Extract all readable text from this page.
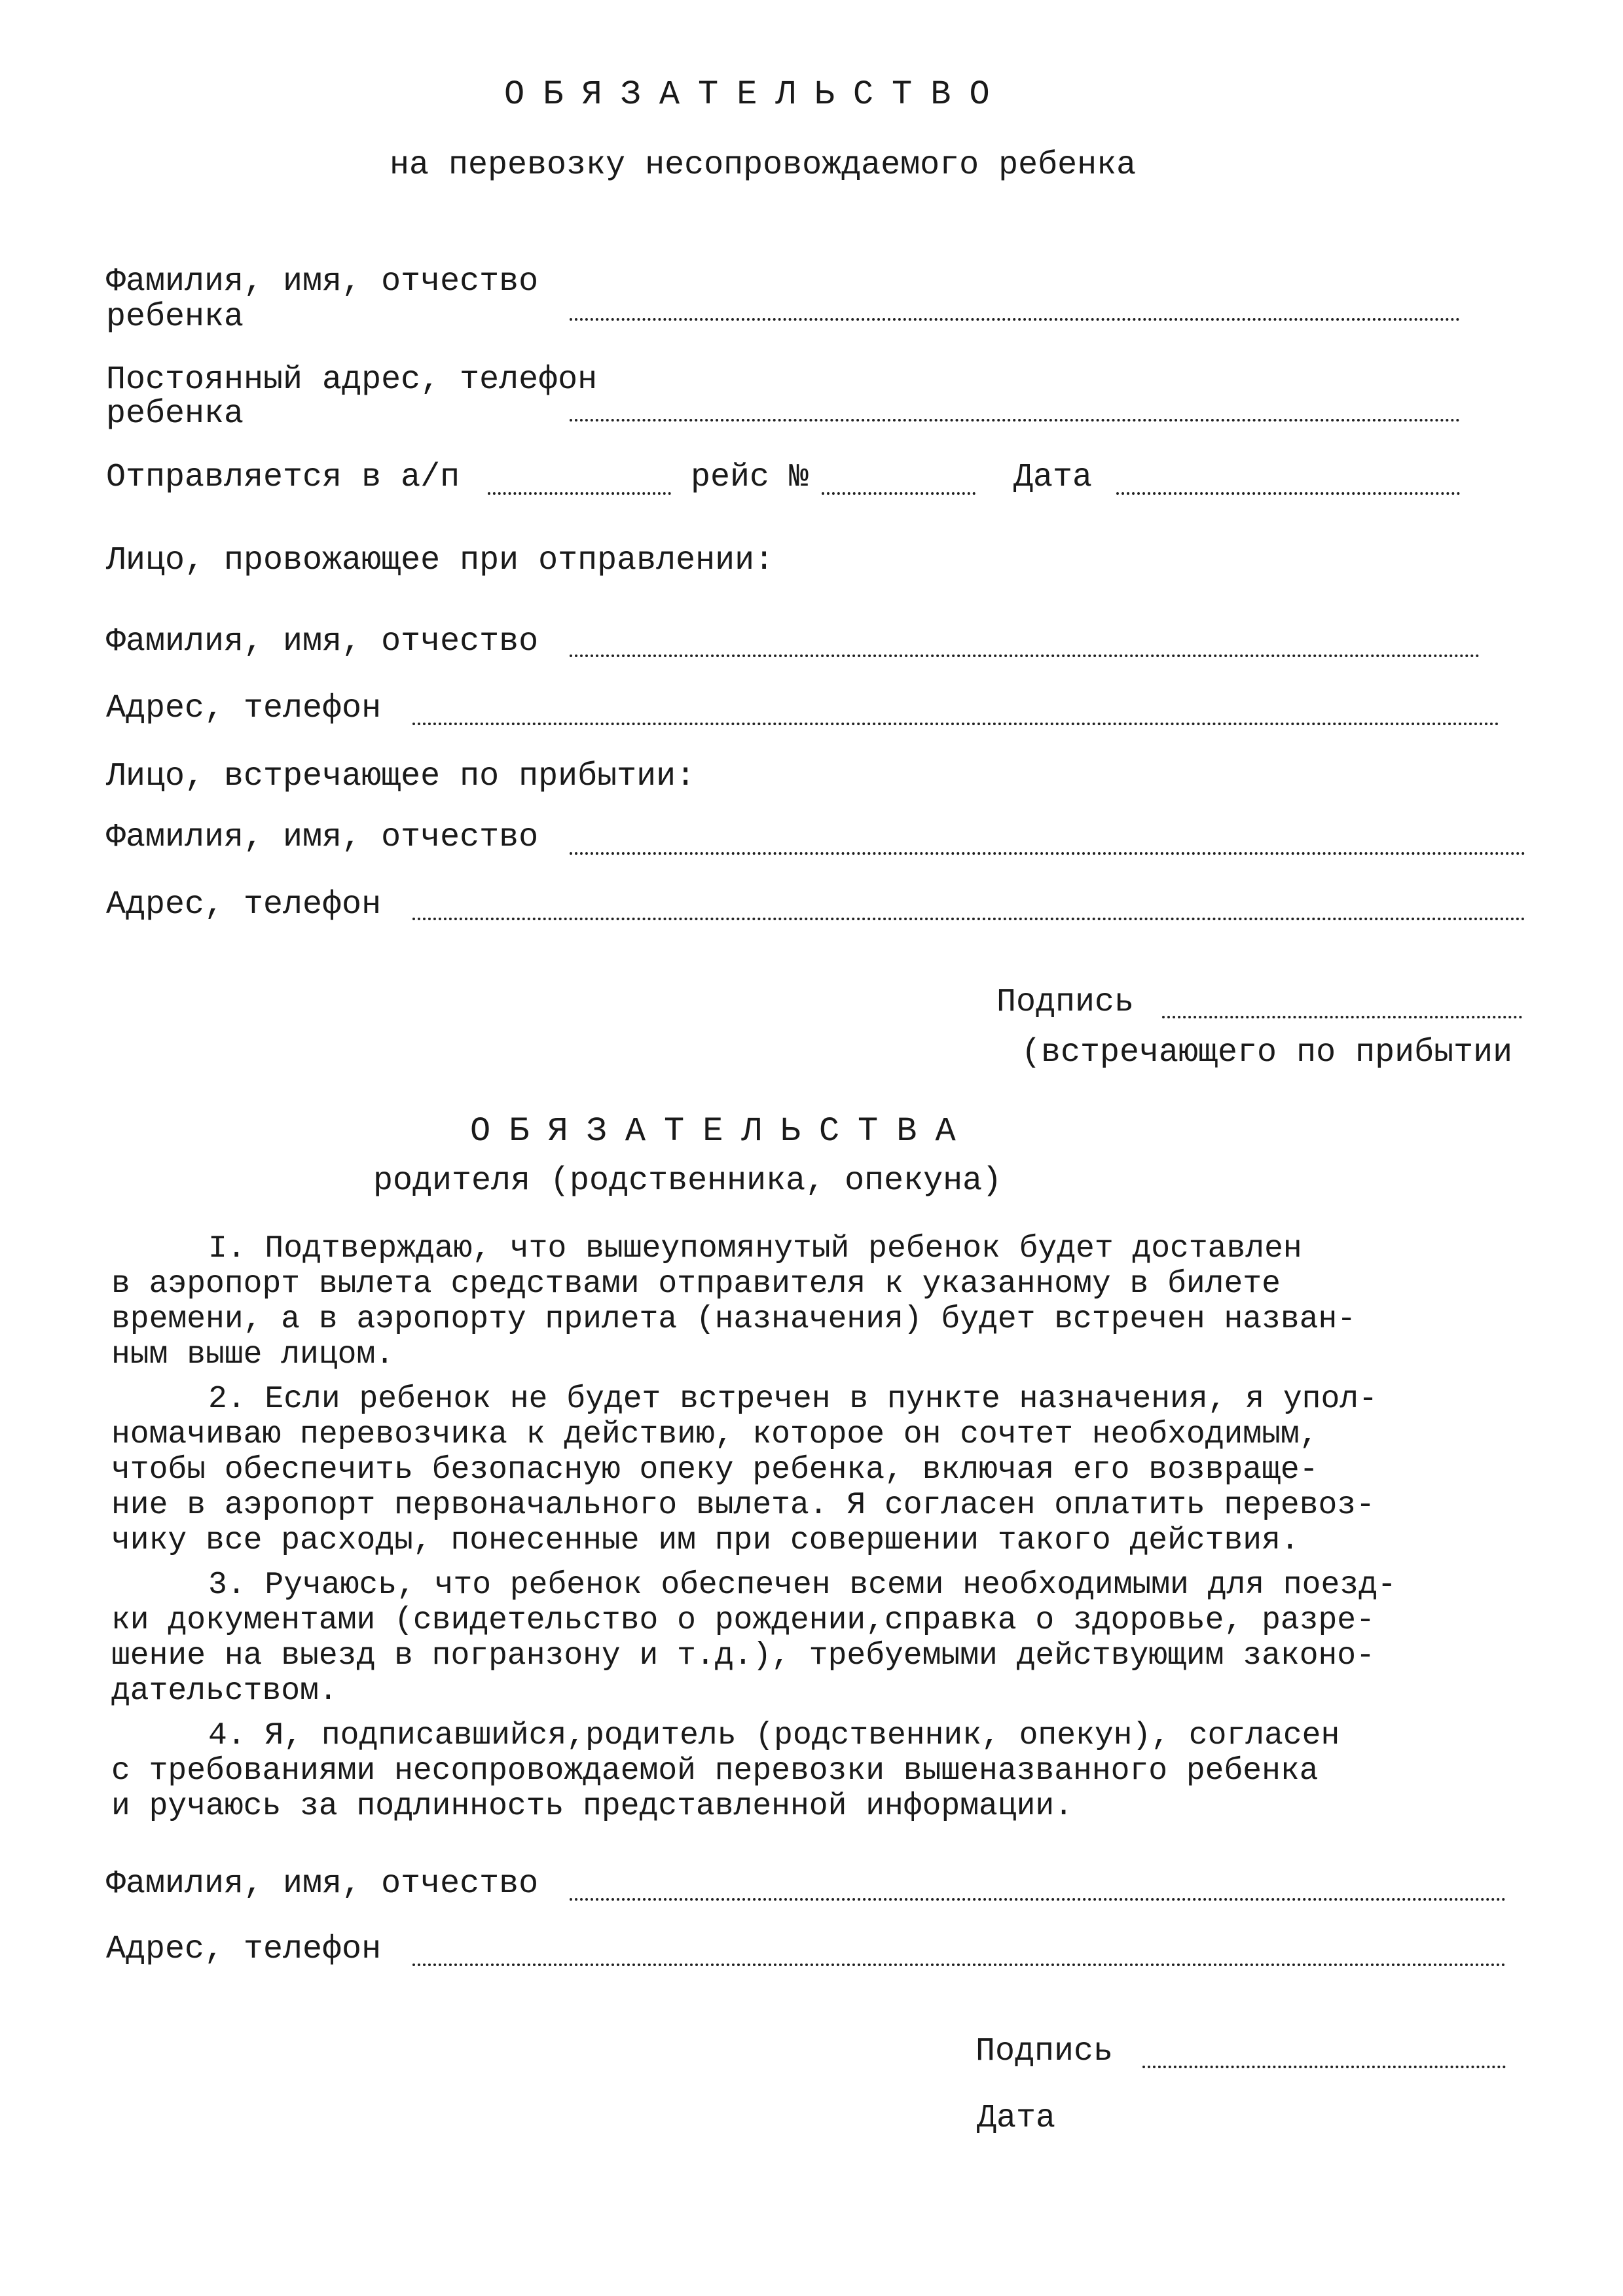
ОБЯЗАТЕЛЬСТВО
на перевозку несопровождаемого ребенка
Фамилия, имя, отчество
ребенка
Постоянный адрес, телефон
ребенка
Отправляется в а/п	рейс №	Дата
Лицо, провожающее при отправлении:
Фамилия, имя, отчество
Адрес, телефон
Лицо, встречающее по прибытии:
Фамилия, имя, отчество
Адрес, телефон
Подпись
(встречающего по прибытии
ОБЯЗАТЕЛЬСТВА
родителя (родственника, опекуна)
I. Подтверждаю, что вышеупомянутый ребенок будет доставлен
в аэропорт вылета средствами отправителя к указанному в билете
времени, а в аэропорту прилета (назначения) будет встречен назван-
ным выше лицом.
2. Если ребенок не будет встречен в пункте назначения, я упол-
номачиваю перевозчика к действию, которое он сочтет необходимым,
чтобы обеспечить безопасную опеку ребенка, включая его возвраще-
ние в аэропорт первоначального вылета. Я согласен оплатить перевоз-
чику все расходы, понесенные им при совершении такого действия.
3. Ручаюсь, что ребенок обеспечен всеми необходимыми для поезд-
ки документами (свидетельство о рождении,справка о здоровье, разре-
шение на выезд в погранзону и т.д.), требуемыми действующим законо-
дательством.
4. Я, подписавшийся,родитель (родственник, опекун), согласен
с требованиями несопровождаемой перевозки вышеназванного ребенка
и ручаюсь за подлинность представленной информации.
Фамилия, имя, отчество
Адрес, телефон
Подпись
Дата
